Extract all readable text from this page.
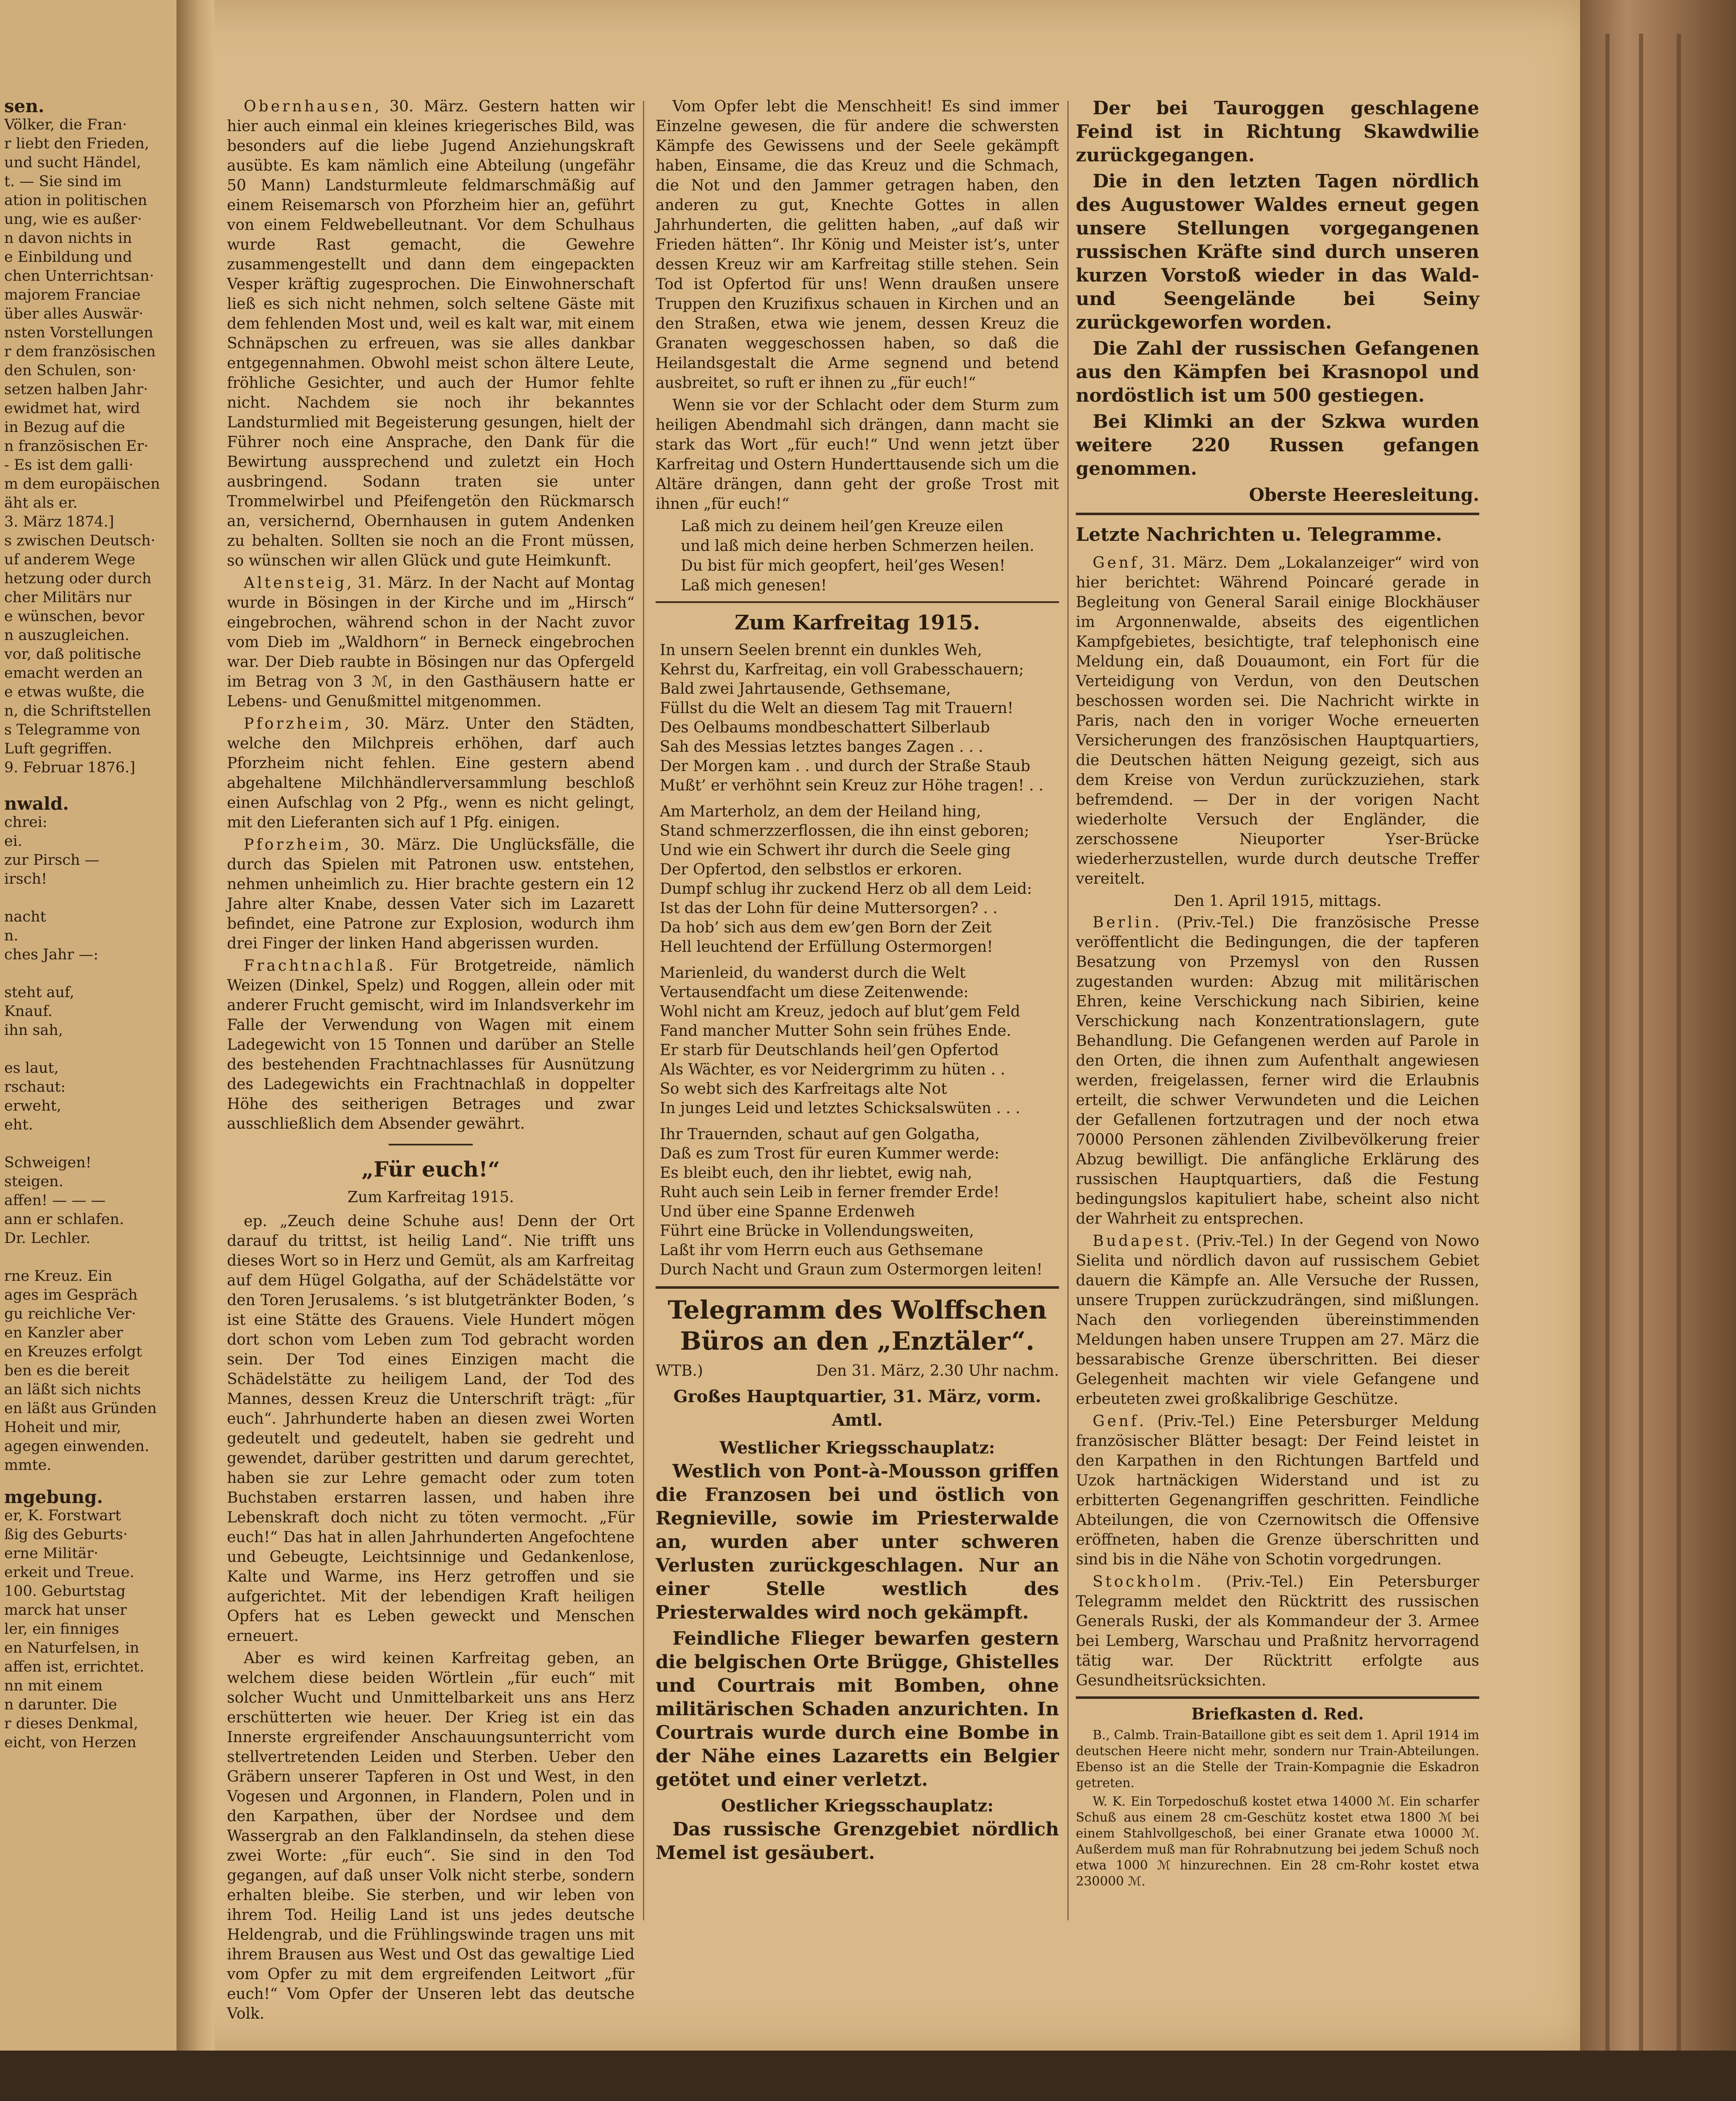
sen.
Völker, die Fran·
r liebt den Frieden,
und sucht Händel,
t. — Sie sind im
ation in politischen
ung, wie es außer·
n davon nichts in
e Einbildung und
chen Unterrichtsan·
majorem Franciae
über alles Auswär·
nsten Vorstellungen
r dem französischen
den Schulen, son·
setzen halben Jahr·
ewidmet hat, wird
in Bezug auf die
n französischen Er·
- Es ist dem galli·
m dem europäischen
äht als er.
3. März 1874.]
s zwischen Deutsch·
uf anderem Wege
hetzung oder durch
cher Militärs nur
e wünschen, bevor
n auszugleichen.
vor, daß politische
emacht werden an
e etwas wußte, die
n, die Schriftstellen
s Telegramme von
Luft gegriffen.
9. Februar 1876.]
nwald.
chrei:
ei.
zur Pirsch —
irsch!

nacht
n.
ches Jahr —:

steht auf,
Knauf.
ihn sah,

es laut,
rschaut:
erweht,
eht.

Schweigen!
steigen.
affen! — — —
ann er schlafen.
Dr. Lechler.

rne Kreuz. Ein
ages im Gespräch
gu reichliche Ver·
en Kanzler aber
en Kreuzes erfolgt
ben es die bereit
an läßt sich nichts
en läßt aus Gründen
Hoheit und mir,
agegen einwenden.
mmte.
mgebung.
er, K. Forstwart
ßig des Geburts·
erne Militär·
erkeit und Treue.
100. Geburtstag
marck hat unser
ler, ein finniges
en Naturfelsen, in
affen ist, errichtet.
nn mit einem
n darunter. Die
r dieses Denkmal,
eicht, von Herzen

Obernhausen, 30. März. Gestern hatten wir hier auch einmal ein kleines kriegerisches Bild, was besonders auf die liebe Jugend Anziehungskraft ausübte. Es kam nämlich eine Abteilung (ungefähr 50 Mann) Landsturmleute feldmarschmäßig auf einem Reisemarsch von Pforzheim hier an, geführt von einem Feldwebelleutnant. Vor dem Schulhaus wurde Rast gemacht, die Gewehre zusammengestellt und dann dem eingepackten Vesper kräftig zugesprochen. Die Einwohnerschaft ließ es sich nicht nehmen, solch seltene Gäste mit dem fehlenden Most und, weil es kalt war, mit einem Schnäpschen zu erfreuen, was sie alles dankbar entgegennahmen. Obwohl meist schon ältere Leute, fröhliche Gesichter, und auch der Humor fehlte nicht. Nachdem sie noch ihr bekanntes Landsturmlied mit Begeisterung gesungen, hielt der Führer noch eine Ansprache, den Dank für die Bewirtung aussprechend und zuletzt ein Hoch ausbringend. Sodann traten sie unter Trommelwirbel und Pfeifengetön den Rückmarsch an, versichernd, Obernhausen in gutem Andenken zu behalten. Sollten sie noch an die Front müssen, so wünschen wir allen Glück und gute Heimkunft.

Altensteig, 31. März. In der Nacht auf Montag wurde in Bösingen in der Kirche und im „Hirsch“ eingebrochen, während schon in der Nacht zuvor vom Dieb im „Waldhorn“ in Berneck eingebrochen war. Der Dieb raubte in Bösingen nur das Opfergeld im Betrag von 3 ℳ, in den Gasthäusern hatte er Lebens- und Genußmittel mitgenommen.

Pforzheim, 30. März. Unter den Städten, welche den Milchpreis erhöhen, darf auch Pforzheim nicht fehlen. Eine gestern abend abgehaltene Milchhändlerversammlung beschloß einen Aufschlag von 2 Pfg., wenn es nicht gelingt, mit den Lieferanten sich auf 1 Pfg. einigen.

Pforzheim, 30. März. Die Unglücksfälle, die durch das Spielen mit Patronen usw. entstehen, nehmen unheimlich zu. Hier brachte gestern ein 12 Jahre alter Knabe, dessen Vater sich im Lazarett befindet, eine Patrone zur Explosion, wodurch ihm drei Finger der linken Hand abgerissen wurden.

Frachtnachlaß. Für Brotgetreide, nämlich Weizen (Dinkel, Spelz) und Roggen, allein oder mit anderer Frucht gemischt, wird im Inlandsverkehr im Falle der Verwendung von Wagen mit einem Ladegewicht von 15 Tonnen und darüber an Stelle des bestehenden Frachtnachlasses für Ausnützung des Ladegewichts ein Frachtnachlaß in doppelter Höhe des seitherigen Betrages und zwar ausschließlich dem Absender gewährt.

„Für euch!“
Zum Karfreitag 1915.

ep. „Zeuch deine Schuhe aus! Denn der Ort darauf du trittst, ist heilig Land“. Nie trifft uns dieses Wort so in Herz und Gemüt, als am Karfreitag auf dem Hügel Golgatha, auf der Schädelstätte vor den Toren Jerusalems. ’s ist blutgetränkter Boden, ’s ist eine Stätte des Grauens. Viele Hundert mögen dort schon vom Leben zum Tod gebracht worden sein. Der Tod eines Einzigen macht die Schädelstätte zu heiligem Land, der Tod des Mannes, dessen Kreuz die Unterschrift trägt: „für euch“. Jahrhunderte haben an diesen zwei Worten gedeutelt und gedeutelt, haben sie gedreht und gewendet, darüber gestritten und darum gerechtet, haben sie zur Lehre gemacht oder zum toten Buchstaben erstarren lassen, und haben ihre Lebenskraft doch nicht zu töten vermocht. „Für euch!“ Das hat in allen Jahrhunderten Angefochtene und Gebeugte, Leichtsinnige und Gedankenlose, Kalte und Warme, ins Herz getroffen und sie aufgerichtet. Mit der lebendigen Kraft heiligen Opfers hat es Leben geweckt und Menschen erneuert.

Aber es wird keinen Karfreitag geben, an welchem diese beiden Wörtlein „für euch“ mit solcher Wucht und Unmittelbarkeit uns ans Herz erschütterten wie heuer. Der Krieg ist ein das Innerste ergreifender Anschauungsunterricht vom stellvertretenden Leiden und Sterben. Ueber den Gräbern unserer Tapferen in Ost und West, in den Vogesen und Argonnen, in Flandern, Polen und in den Karpathen, über der Nordsee und dem Wassergrab an den Falklandinseln, da stehen diese zwei Worte: „für euch“. Sie sind in den Tod gegangen, auf daß unser Volk nicht sterbe, sondern erhalten bleibe. Sie sterben, und wir leben von ihrem Tod. Heilig Land ist uns jedes deutsche Heldengrab, und die Frühlingswinde tragen uns mit ihrem Brausen aus West und Ost das gewaltige Lied vom Opfer zu mit dem ergreifenden Leitwort „für euch!“ Vom Opfer der Unseren lebt das deutsche Volk.

Vom Opfer lebt die Menschheit! Es sind immer Einzelne gewesen, die für andere die schwersten Kämpfe des Gewissens und der Seele gekämpft haben, Einsame, die das Kreuz und die Schmach, die Not und den Jammer getragen haben, den anderen zu gut, Knechte Gottes in allen Jahrhunderten, die gelitten haben, „auf daß wir Frieden hätten“. Ihr König und Meister ist’s, unter dessen Kreuz wir am Karfreitag stille stehen. Sein Tod ist Opfertod für uns! Wenn draußen unsere Truppen den Kruzifixus schauen in Kirchen und an den Straßen, etwa wie jenem, dessen Kreuz die Granaten weggeschossen haben, so daß die Heilandsgestalt die Arme segnend und betend ausbreitet, so ruft er ihnen zu „für euch!“

Wenn sie vor der Schlacht oder dem Sturm zum heiligen Abendmahl sich drängen, dann macht sie stark das Wort „für euch!“ Und wenn jetzt über Karfreitag und Ostern Hunderttausende sich um die Altäre drängen, dann geht der große Trost mit ihnen „für euch!“

Laß mich zu deinem heil’gen Kreuze eilen
und laß mich deine herben Schmerzen heilen.
Du bist für mich geopfert, heil’ges Wesen!
Laß mich genesen!
Zum Karfreitag 1915.
In unsern Seelen brennt ein dunkles Weh,
Kehrst du, Karfreitag, ein voll Grabesschauern;
Bald zwei Jahrtausende, Gethsemane,
Füllst du die Welt an diesem Tag mit Trauern!
Des Oelbaums mondbeschattert Silberlaub
Sah des Messias letztes banges Zagen . . .
Der Morgen kam . . und durch der Straße Staub
Mußt’ er verhöhnt sein Kreuz zur Höhe tragen! . .
Am Marterholz, an dem der Heiland hing,
Stand schmerzzerflossen, die ihn einst geboren;
Und wie ein Schwert ihr durch die Seele ging
Der Opfertod, den selbstlos er erkoren.
Dumpf schlug ihr zuckend Herz ob all dem Leid:
Ist das der Lohn für deine Muttersorgen? . .
Da hob’ sich aus dem ew’gen Born der Zeit
Hell leuchtend der Erfüllung Ostermorgen!
Marienleid, du wanderst durch die Welt
Vertausendfacht um diese Zeitenwende:
Wohl nicht am Kreuz, jedoch auf blut’gem Feld
Fand mancher Mutter Sohn sein frühes Ende.
Er starb für Deutschlands heil’gen Opfertod
Als Wächter, es vor Neidergrimm zu hüten . .
So webt sich des Karfreitags alte Not
In junges Leid und letztes Schicksalswüten . . .
Ihr Trauernden, schaut auf gen Golgatha,
Daß es zum Trost für euren Kummer werde:
Es bleibt euch, den ihr liebtet, ewig nah,
Ruht auch sein Leib in ferner fremder Erde!
Und über eine Spanne Erdenweh
Führt eine Brücke in Vollendungsweiten,
Laßt ihr vom Herrn euch aus Gethsemane
Durch Nacht und Graun zum Ostermorgen leiten!
Telegramm des Wolffschen Büros an den „Enztäler“.
WTB.)	Den 31. März, 2.30 Uhr nachm.
Großes Hauptquartier, 31. März, vorm. Amtl.
Westlicher Kriegsschauplatz:

Westlich von Pont-à-Mousson griffen die Franzosen bei und östlich von Regnieville, sowie im Priesterwalde an, wurden aber unter schweren Verlusten zurückgeschlagen. Nur an einer Stelle westlich des Priesterwaldes wird noch gekämpft.

Feindliche Flieger bewarfen gestern die belgischen Orte Brügge, Ghistelles und Courtrais mit Bomben, ohne militärischen Schaden anzurichten. In Courtrais wurde durch eine Bombe in der Nähe eines Lazaretts ein Belgier getötet und einer verletzt.

Oestlicher Kriegsschauplatz:

Das russische Grenzgebiet nördlich Memel ist gesäubert.

Der bei Tauroggen geschlagene Feind ist in Richtung Skawdwilie zurückgegangen.

Die in den letzten Tagen nördlich des Augustower Waldes erneut gegen unsere Stellungen vorgegangenen russischen Kräfte sind durch unseren kurzen Vorstoß wieder in das Wald- und Seengelände bei Seiny zurückgeworfen worden.

Die Zahl der russischen Gefangenen aus den Kämpfen bei Krasnopol und nordöstlich ist um 500 gestiegen.

Bei Klimki an der Szkwa wurden weitere 220 Russen gefangen genommen.

Oberste Heeresleitung.
Letzte Nachrichten u. Telegramme.

Genf, 31. März. Dem „Lokalanzeiger“ wird von hier berichtet: Während Poincaré gerade in Begleitung von General Sarail einige Blockhäuser im Argonnenwalde, abseits des eigentlichen Kampfgebietes, besichtigte, traf telephonisch eine Meldung ein, daß Douaumont, ein Fort für die Verteidigung von Verdun, von den Deutschen beschossen worden sei. Die Nachricht wirkte in Paris, nach den in voriger Woche erneuerten Versicherungen des französischen Hauptquartiers, die Deutschen hätten Neigung gezeigt, sich aus dem Kreise von Verdun zurückzuziehen, stark befremdend. — Der in der vorigen Nacht wiederholte Versuch der Engländer, die zerschossene Nieuporter Yser-Brücke wiederherzustellen, wurde durch deutsche Treffer vereitelt.

Den 1. April 1915, mittags.

Berlin. (Priv.-Tel.) Die französische Presse veröffentlicht die Bedingungen, die der tapferen Besatzung von Przemysl von den Russen zugestanden wurden: Abzug mit militärischen Ehren, keine Verschickung nach Sibirien, keine Verschickung nach Konzentrationslagern, gute Behandlung. Die Gefangenen werden auf Parole in den Orten, die ihnen zum Aufenthalt angewiesen werden, freigelassen, ferner wird die Erlaubnis erteilt, die schwer Verwundeten und die Leichen der Gefallenen fortzutragen und der noch etwa 70000 Personen zählenden Zivilbevölkerung freier Abzug bewilligt. Die anfängliche Erklärung des russischen Hauptquartiers, daß die Festung bedingungslos kapituliert habe, scheint also nicht der Wahrheit zu entsprechen.

Budapest. (Priv.-Tel.) In der Gegend von Nowo Sielita und nördlich davon auf russischem Gebiet dauern die Kämpfe an. Alle Versuche der Russen, unsere Truppen zurückzudrängen, sind mißlungen. Nach den vorliegenden übereinstimmenden Meldungen haben unsere Truppen am 27. März die bessarabische Grenze überschritten. Bei dieser Gelegenheit machten wir viele Gefangene und erbeuteten zwei großkalibrige Geschütze.

Genf. (Priv.-Tel.) Eine Petersburger Meldung französischer Blätter besagt: Der Feind leistet in den Karpathen in den Richtungen Bartfeld und Uzok hartnäckigen Widerstand und ist zu erbitterten Gegenangriffen geschritten. Feindliche Abteilungen, die von Czernowitsch die Offensive eröffneten, haben die Grenze überschritten und sind bis in die Nähe von Schotin vorgedrungen.

Stockholm. (Priv.-Tel.) Ein Petersburger Telegramm meldet den Rücktritt des russischen Generals Ruski, der als Kommandeur der 3. Armee bei Lemberg, Warschau und Praßnitz hervorragend tätig war. Der Rücktritt erfolgte aus Gesundheitsrücksichten.

Briefkasten d. Red.

B., Calmb. Train-Bataillone gibt es seit dem 1. April 1914 im deutschen Heere nicht mehr, sondern nur Train-Abteilungen. Ebenso ist an die Stelle der Train-Kompagnie die Eskadron getreten.

W. K. Ein Torpedoschuß kostet etwa 14000 ℳ. Ein scharfer Schuß aus einem 28 cm-Geschütz kostet etwa 1800 ℳ bei einem Stahlvollgeschoß, bei einer Granate etwa 10000 ℳ. Außerdem muß man für Rohrabnutzung bei jedem Schuß noch etwa 1000 ℳ hinzurechnen. Ein 28 cm-Rohr kostet etwa 230000 ℳ.
